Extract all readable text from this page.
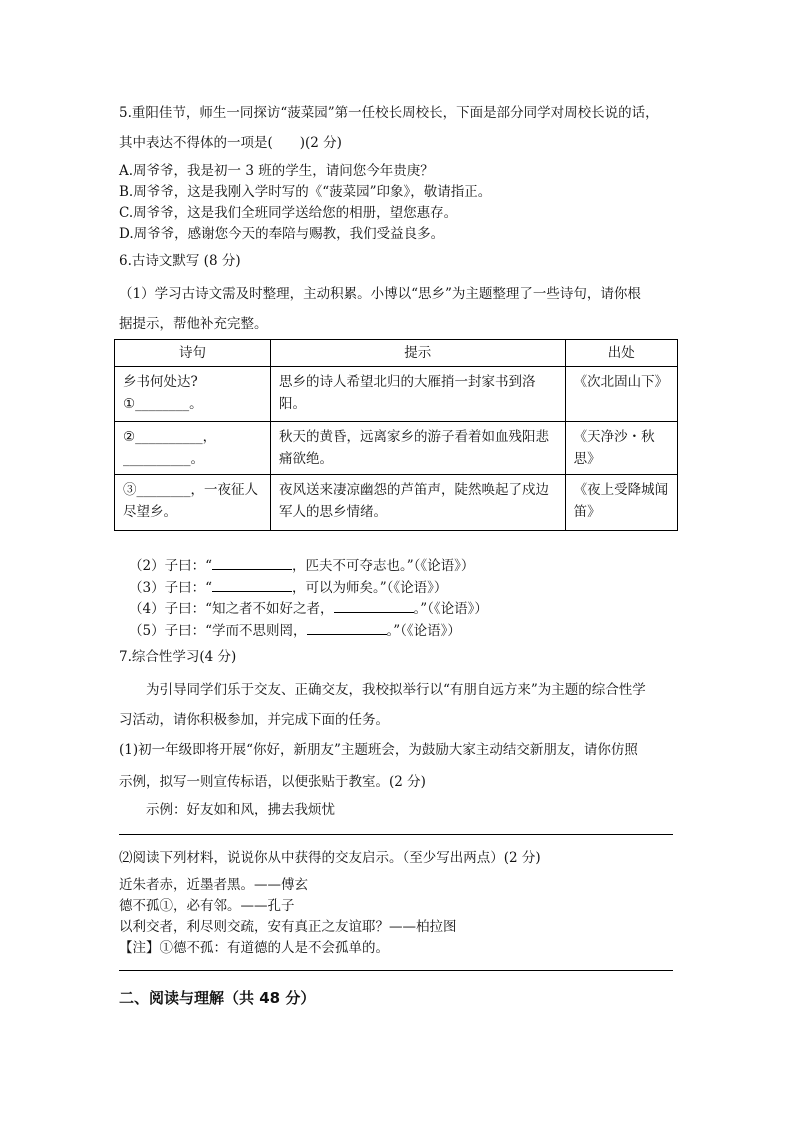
5.重阳佳节，师生一同探访“菠菜园”第一任校长周校长，下面是部分同学对周校长说的话，
其中表达不得体的一项是(　　)(2 分)
A.周爷爷，我是初一 3 班的学生，请问您今年贵庚？
B.周爷爷，这是我刚入学时写的《“菠菜园”印象》，敬请指正。
C.周爷爷，这是我们全班同学送给您的相册，望您惠存。
D.周爷爷，感谢您今天的奉陪与赐教，我们受益良多。
6.古诗文默写 (8 分)
（1）学习古诗文需及时整理，主动积累。小博以“思乡”为主题整理了一些诗句，请你根
据提示，帮他补充完整。
诗句	提示	出处

乡书何处达?
①________。	思乡的诗人希望北归的大雁捎一封家书到洛阳。	《次北固山下》

②__________，
__________。	秋天的黄昏，远离家乡的游子看着如血残阳悲痛欲绝。	《天净沙・秋思》

③________，一夜征人尽望乡。	夜风送来凄凉幽怨的芦笛声，陡然唤起了戍边军人的思乡情绪。	《夜上受降城闻笛》
（2）子曰：“	，匹夫不可夺志也。”（《论语》）
（3）子曰：“	，可以为师矣。”（《论语》）
（4）子曰：“知之者不如好之者，	。”（《论语》）
（5）子曰：“学而不思则罔，	。”（《论语》）
7.综合性学习(4 分)
为引导同学们乐于交友、正确交友，我校拟举行以“有朋自远方来”为主题的综合性学
习活动，请你积极参加，并完成下面的任务。
(1)初一年级即将开展“你好，新朋友”主题班会，为鼓励大家主动结交新朋友，请你仿照
示例，拟写一则宣传标语，以便张贴于教室。(2 分)
示例：好友如和风，拂去我烦忧
⑵阅读下列材料，说说你从中获得的交友启示。（至少写出两点）(2 分)
近朱者赤，近墨者黑。——傅玄
德不孤①，必有邻。——孔子
以利交者，利尽则交疏，安有真正之友谊耶？——柏拉图
【注】①德不孤：有道德的人是不会孤单的。
二、阅读与理解（共 48 分）
